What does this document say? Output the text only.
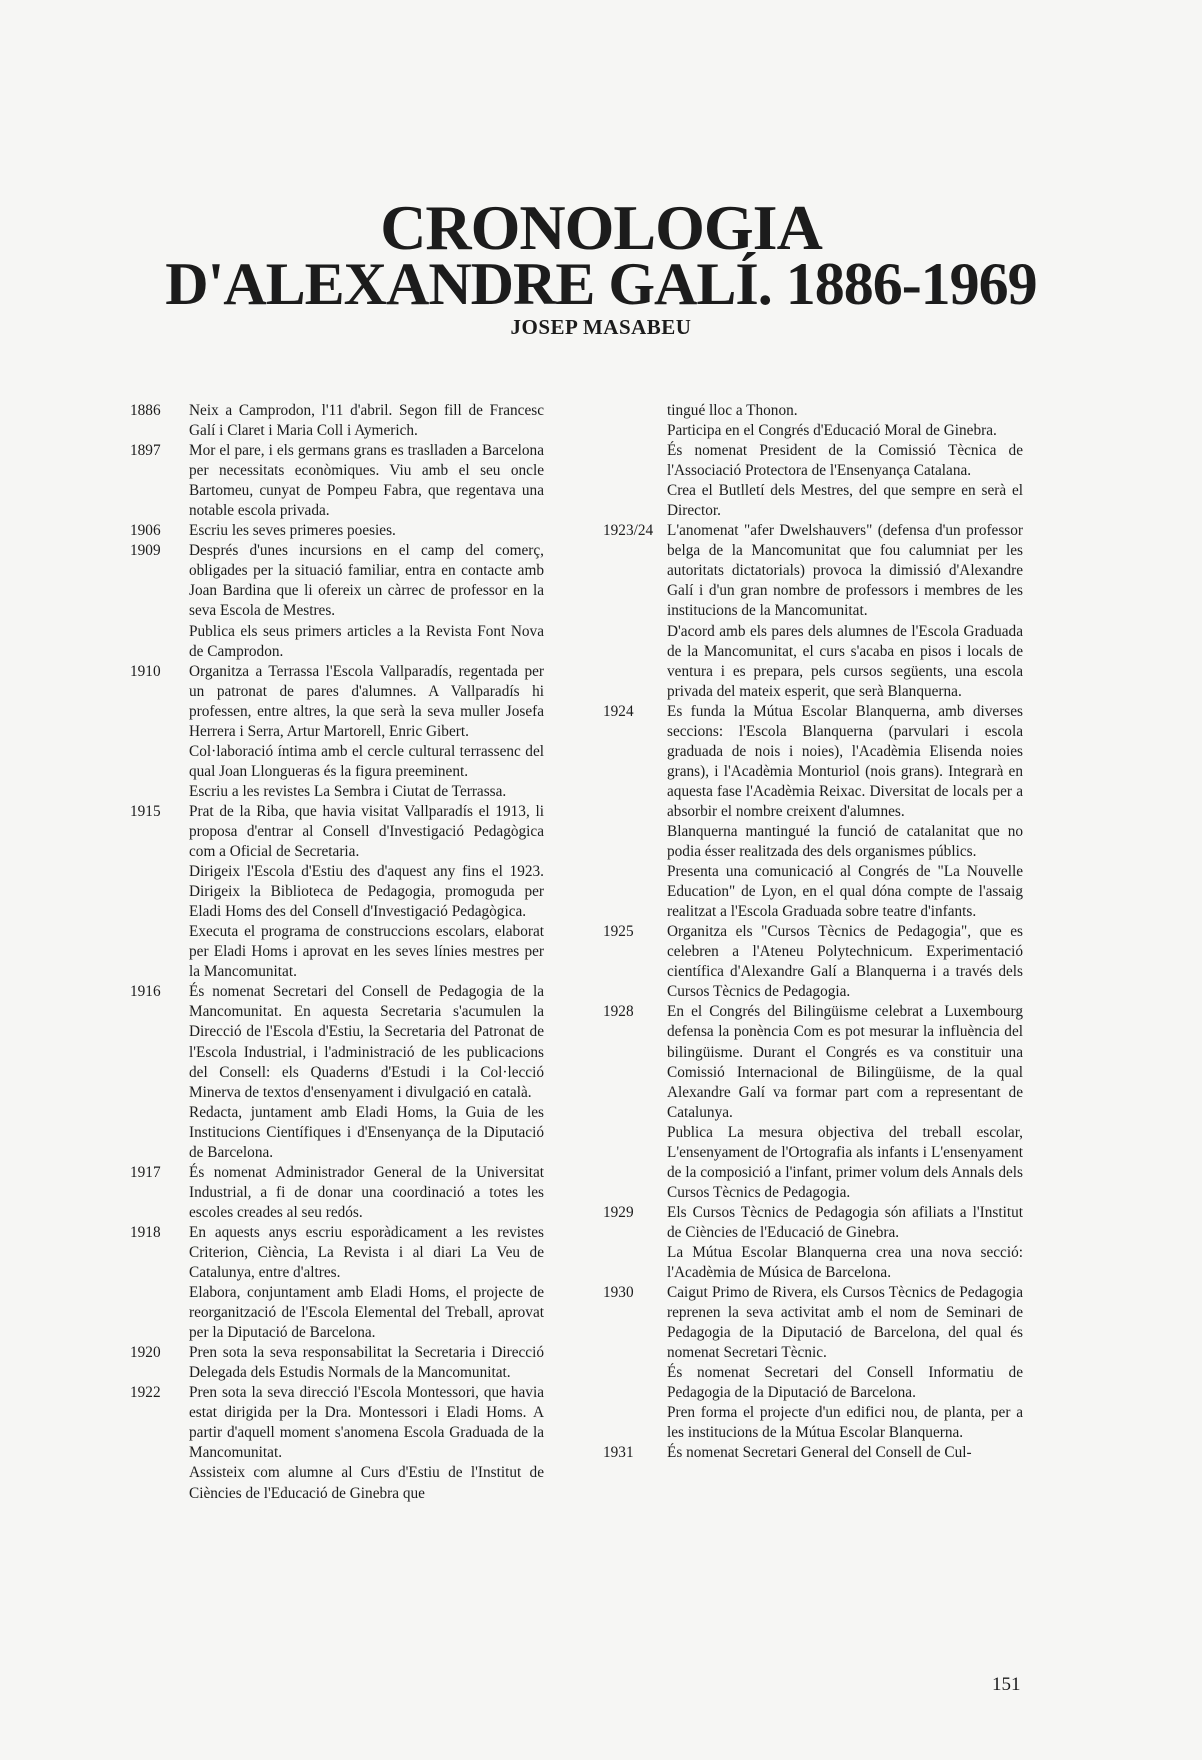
CRONOLOGIA
D'ALEXANDRE GALÍ. 1886-1969
JOSEP MASABEU
1886	Neix a Camprodon, l'11 d'abril. Segon fill de Francesc Galí i Claret i Maria Coll i Aymerich.

1897	Mor el pare, i els germans grans es traslladen a Barcelona per necessitats econòmiques. Viu amb el seu oncle Bartomeu, cunyat de Pompeu Fabra, que regentava una notable escola privada.

1906	Escriu les seves primeres poesies.

1909	Després d'unes incursions en el camp del comerç, obligades per la situació familiar, entra en contacte amb Joan Bardina que li ofereix un càrrec de professor en la seva Escola de Mestres.

Publica els seus primers articles a la Revista Font Nova de Camprodon.

1910	Organitza a Terrassa l'Escola Vallparadís, regentada per un patronat de pares d'alumnes. A Vallparadís hi professen, entre altres, la que serà la seva muller Josefa Herrera i Serra, Artur Martorell, Enric Gibert.

Col·laboració íntima amb el cercle cultural terrassenc del qual Joan Llongueras és la figura preeminent.

Escriu a les revistes La Sembra i Ciutat de Terrassa.

1915	Prat de la Riba, que havia visitat Vallparadís el 1913, li proposa d'entrar al Consell d'Investigació Pedagògica com a Oficial de Secretaria.

Dirigeix l'Escola d'Estiu des d'aquest any fins el 1923. Dirigeix la Biblioteca de Pedagogia, promoguda per Eladi Homs des del Consell d'Investigació Pedagògica.

Executa el programa de construccions escolars, elaborat per Eladi Homs i aprovat en les seves línies mestres per la Mancomunitat.

1916	És nomenat Secretari del Consell de Pedagogia de la Mancomunitat. En aquesta Secretaria s'acumulen la Direcció de l'Escola d'Estiu, la Secretaria del Patronat de l'Escola Industrial, i l'administració de les publicacions del Consell: els Quaderns d'Estudi i la Col·lecció Minerva de textos d'ensenyament i divulgació en català.

Redacta, juntament amb Eladi Homs, la Guia de les Institucions Científiques i d'Ensenyança de la Diputació de Barcelona.

1917	És nomenat Administrador General de la Universitat Industrial, a fi de donar una coordinació a totes les escoles creades al seu redós.

1918	En aquests anys escriu esporàdicament a les revistes Criterion, Ciència, La Revista i al diari La Veu de Catalunya, entre d'altres.

Elabora, conjuntament amb Eladi Homs, el projecte de reorganització de l'Escola Elemental del Treball, aprovat per la Diputació de Barcelona.

1920	Pren sota la seva responsabilitat la Secretaria i Direcció Delegada dels Estudis Normals de la Mancomunitat.

1922	Pren sota la seva direcció l'Escola Montessori, que havia estat dirigida per la Dra. Montessori i Eladi Homs. A partir d'aquell moment s'anomena Escola Graduada de la Mancomunitat.

Assisteix com alumne al Curs d'Estiu de l'Institut de Ciències de l'Educació de Ginebra que

tingué lloc a Thonon.

Participa en el Congrés d'Educació Moral de Ginebra.

És nomenat President de la Comissió Tècnica de l'Associació Protectora de l'Ensenyança Catalana.

Crea el Butlletí dels Mestres, del que sempre en serà el Director.

1923/24 L'anomenat "afer Dwelshauvers" (defensa d'un professor belga de la Mancomunitat que fou calumniat per les autoritats dictatorials) provoca la dimissió d'Alexandre Galí i d'un gran nombre de professors i membres de les institucions de la Mancomunitat.

D'acord amb els pares dels alumnes de l'Escola Graduada de la Mancomunitat, el curs s'acaba en pisos i locals de ventura i es prepara, pels cursos següents, una escola privada del mateix esperit, que serà Blanquerna.

1924	Es funda la Mútua Escolar Blanquerna, amb diverses seccions: l'Escola Blanquerna (parvulari i escola graduada de nois i noies), l'Acadèmia Elisenda noies grans), i l'Acadèmia Monturiol (nois grans). Integrarà en aquesta fase l'Acadèmia Reixac. Diversitat de locals per a absorbir el nombre creixent d'alumnes.

Blanquerna mantingué la funció de catalanitat que no podia ésser realitzada des dels organismes públics.

Presenta una comunicació al Congrés de "La Nouvelle Education" de Lyon, en el qual dóna compte de l'assaig realitzat a l'Escola Graduada sobre teatre d'infants.

1925	Organitza els "Cursos Tècnics de Pedagogia", que es celebren a l'Ateneu Polytechnicum. Experimentació científica d'Alexandre Galí a Blanquerna i a través dels Cursos Tècnics de Pedagogia.

1928	En el Congrés del Bilingüisme celebrat a Luxembourg defensa la ponència Com es pot mesurar la influència del bilingüisme. Durant el Congrés es va constituir una Comissió Internacional de Bilingüisme, de la qual Alexandre Galí va formar part com a representant de Catalunya.

Publica La mesura objectiva del treball escolar, L'ensenyament de l'Ortografia als infants i L'ensenyament de la composició a l'infant, primer volum dels Annals dels Cursos Tècnics de Pedagogia.

1929	Els Cursos Tècnics de Pedagogia són afiliats a l'Institut de Ciències de l'Educació de Ginebra.

La Mútua Escolar Blanquerna crea una nova secció: l'Acadèmia de Música de Barcelona.

1930	Caigut Primo de Rivera, els Cursos Tècnics de Pedagogia reprenen la seva activitat amb el nom de Seminari de Pedagogia de la Diputació de Barcelona, del qual és nomenat Secretari Tècnic.

És nomenat Secretari del Consell Informatiu de Pedagogia de la Diputació de Barcelona.

Pren forma el projecte d'un edifici nou, de planta, per a les institucions de la Mútua Escolar Blanquerna.

1931	És nomenat Secretari General del Consell de Cul-

151
